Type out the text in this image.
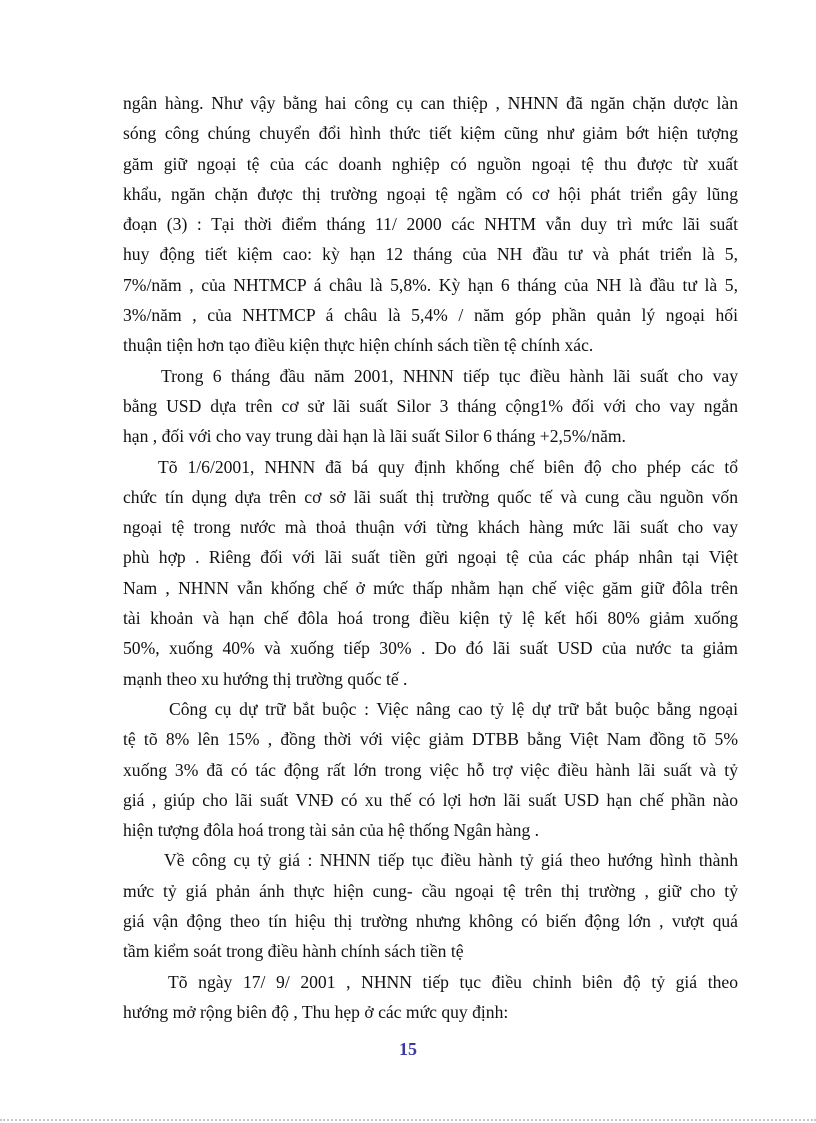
ngân hàng. Như vậy bằng hai công cụ can thiệp , NHNN đã ngăn chặn dược làn
sóng công chúng chuyển đổi hình thức tiết kiệm cũng như giảm bớt hiện tượng
găm giữ ngoại tệ của các doanh nghiệp có nguồn ngoại tệ thu được từ xuất
khẩu, ngăn chặn được thị trường ngoại tệ ngầm có cơ hội phát triển gây lũng
đoạn (3) : Tại thời điểm tháng 11/ 2000 các NHTM vẫn duy trì mức lãi suất
huy động tiết kiệm cao: kỳ hạn 12 tháng của NH đầu tư và phát triển là 5,
7%/năm , của NHTMCP á châu là 5,8%. Kỳ hạn 6 tháng của NH là đầu tư là 5,
3%/năm , của NHTMCP á châu là 5,4% / năm góp phần quản lý ngoại hối
thuận tiện hơn tạo điều kiện thực hiện chính sách tiền tệ chính xác.
Trong 6 tháng đầu năm 2001, NHNN tiếp tục điều hành lãi suất cho vay
bằng USD dựa trên cơ sử lãi suất Silor 3 tháng cộng1% đối với cho vay ngắn
hạn , đối với cho vay trung dài hạn là lãi suất Silor 6 tháng +2,5%/năm.
Tõ 1/6/2001, NHNN đã bá quy định khống chế biên độ cho phép các tổ
chức tín dụng dựa trên cơ sở lãi suất thị trường quốc tế và cung cầu nguồn vốn
ngoại tệ trong nước mà thoả thuận với từng khách hàng mức lãi suất cho vay
phù hợp . Riêng đối với lãi suất tiền gửi ngoại tệ của các pháp nhân tại Việt
Nam , NHNN vẫn khống chế ở mức thấp nhằm hạn chế việc găm giữ đôla trên
tài khoản và hạn chế đôla hoá trong điều kiện tỷ lệ kết hối 80% giảm xuống
50%, xuống 40% và xuống tiếp 30% . Do đó lãi suất USD của nước ta giảm
mạnh theo xu hướng thị trường quốc tế .
Công cụ dự trữ bắt buộc : Việc nâng cao tỷ lệ dự trữ bắt buộc bằng ngoại
tệ tõ 8% lên 15% , đồng thời với việc giảm DTBB bằng Việt Nam đồng tõ 5%
xuống 3% đã có tác động rất lớn trong việc hỗ trợ việc điều hành lãi suất và tỷ
giá , giúp cho lãi suất VNĐ có xu thế có lợi hơn lãi suất USD hạn chế phần nào
hiện tượng đôla hoá trong tài sản của hệ thống Ngân hàng .
Về công cụ tỷ giá : NHNN tiếp tục điều hành tỷ giá theo hướng hình thành
mức tỷ giá phản ánh thực hiện cung- cầu ngoại tệ trên thị trường , giữ cho tỷ
giá vận động theo tín hiệu thị trường nhưng không có biến động lớn , vượt quá
tầm kiểm soát trong điều hành chính sách tiền tệ
Tõ ngày 17/ 9/ 2001 , NHNN tiếp tục điều chỉnh biên độ tỷ giá theo
hướng mở rộng biên độ , Thu hẹp ở các mức quy định:
15
